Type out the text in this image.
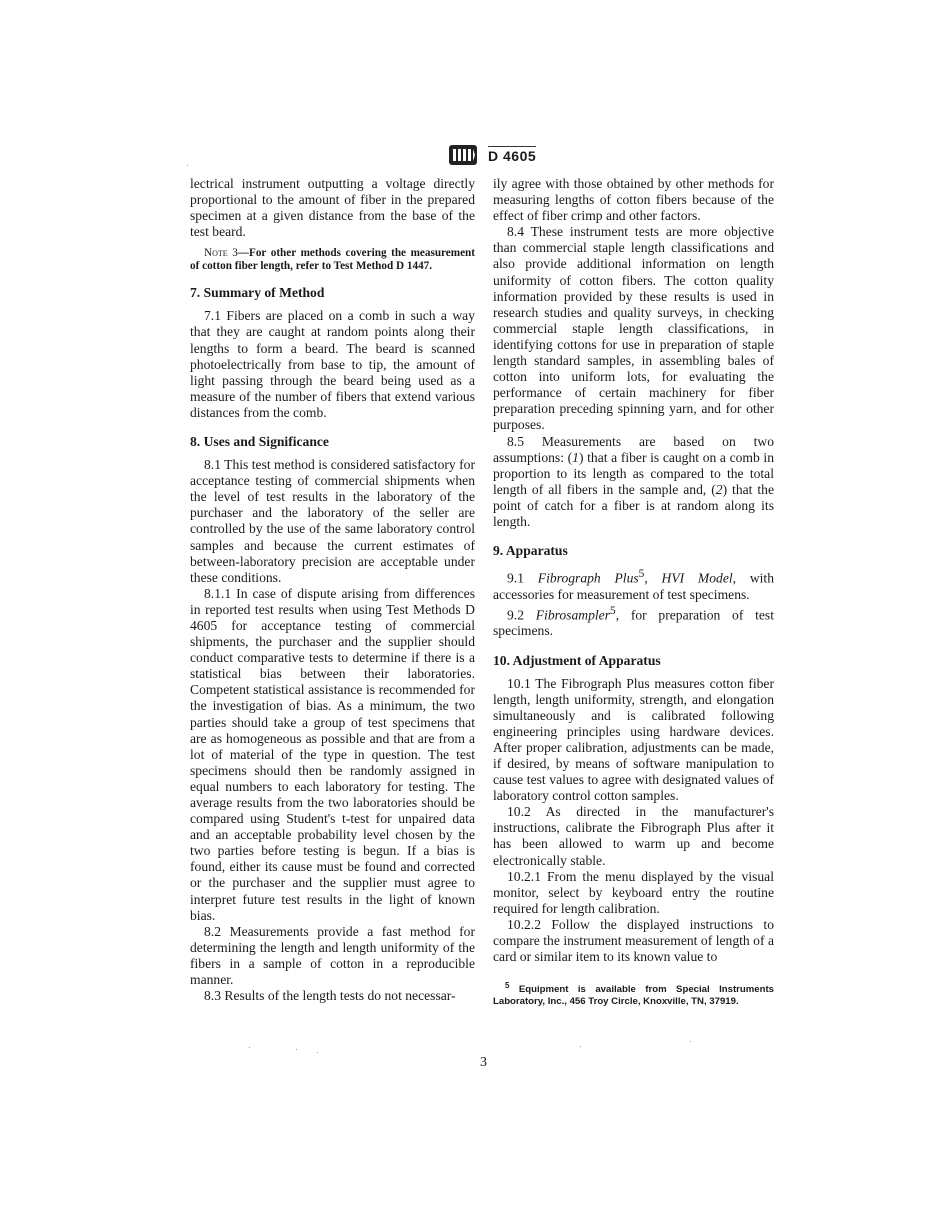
D 4605

lectrical instrument outputting a voltage directly proportional to the amount of fiber in the prepared specimen at a given distance from the base of the test beard.

Note 3—For other methods covering the measurement of cotton fiber length, refer to Test Method D 1447.

7. Summary of Method

7.1 Fibers are placed on a comb in such a way that they are caught at random points along their lengths to form a beard. The beard is scanned photoelectrically from base to tip, the amount of light passing through the beard being used as a measure of the number of fibers that extend various distances from the comb.

8. Uses and Significance

8.1 This test method is considered satisfactory for acceptance testing of commercial shipments when the level of test results in the laboratory of the purchaser and the laboratory of the seller are controlled by the use of the same laboratory control samples and because the current estimates of between-laboratory precision are acceptable under these conditions.

8.1.1 In case of dispute arising from differences in reported test results when using Test Methods D 4605 for acceptance testing of commercial shipments, the purchaser and the supplier should conduct comparative tests to determine if there is a statistical bias between their laboratories. Competent statistical assistance is recommended for the investigation of bias. As a minimum, the two parties should take a group of test specimens that are as homogeneous as possible and that are from a lot of material of the type in question. The test specimens should then be randomly assigned in equal numbers to each laboratory for testing. The average results from the two laboratories should be compared using Student's t-test for unpaired data and an acceptable probability level chosen by the two parties before testing is begun. If a bias is found, either its cause must be found and corrected or the purchaser and the supplier must agree to interpret future test results in the light of known bias.

8.2 Measurements provide a fast method for determining the length and length uniformity of the fibers in a sample of cotton in a reproducible manner.

8.3 Results of the length tests do not necessar-

ily agree with those obtained by other methods for measuring lengths of cotton fibers because of the effect of fiber crimp and other factors.

8.4 These instrument tests are more objective than commercial staple length classifications and also provide additional information on length uniformity of cotton fibers. The cotton quality information provided by these results is used in research studies and quality surveys, in checking commercial staple length classifications, in identifying cottons for use in preparation of staple length standard samples, in assembling bales of cotton into uniform lots, for evaluating the performance of certain machinery for fiber preparation preceding spinning yarn, and for other purposes.

8.5 Measurements are based on two assumptions: (1) that a fiber is caught on a comb in proportion to its length as compared to the total length of all fibers in the sample and, (2) that the point of catch for a fiber is at random along its length.

9. Apparatus

9.1 Fibrograph Plus$^5$, HVI Model, with accessories for measurement of test specimens.

9.2 Fibrosampler$^5$, for preparation of test specimens.

10. Adjustment of Apparatus

10.1 The Fibrograph Plus measures cotton fiber length, length uniformity, strength, and elongation simultaneously and is calibrated following engineering principles using hardware devices. After proper calibration, adjustments can be made, if desired, by means of software manipulation to cause test values to agree with designated values of laboratory control cotton samples.

10.2 As directed in the manufacturer's instructions, calibrate the Fibrograph Plus after it has been allowed to warm up and become electronically stable.

10.2.1 From the menu displayed by the visual monitor, select by keyboard entry the routine required for length calibration.

10.2.2 Follow the displayed instructions to compare the instrument measurement of length of a card or similar item to its known value to

$^5$ Equipment is available from Special Instruments Laboratory, Inc., 456 Troy Circle, Knoxville, TN, 37919.

3
